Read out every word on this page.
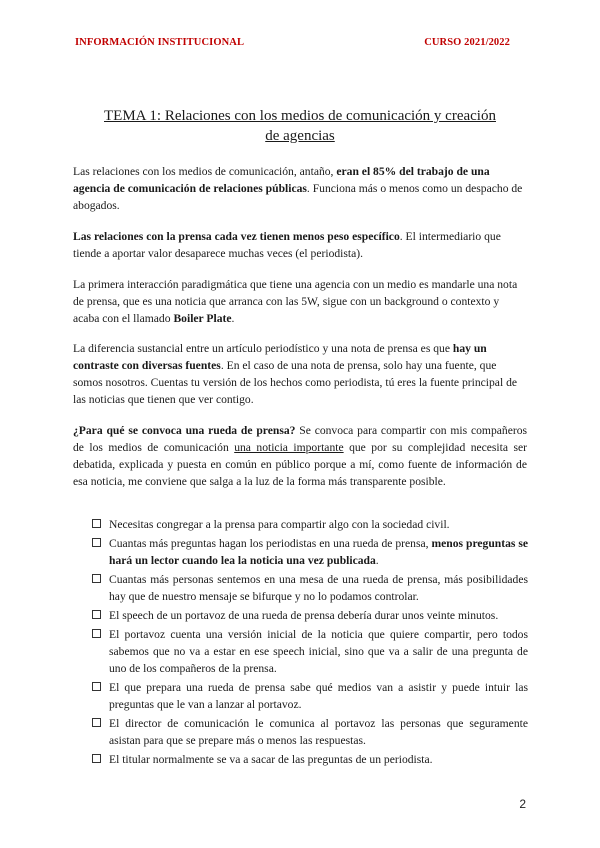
INFORMACIÓN INSTITUCIONAL	CURSO 2021/2022
TEMA 1: Relaciones con los medios de comunicación y creación de agencias

Las relaciones con los medios de comunicación, antaño, eran el 85% del trabajo de una agencia de comunicación de relaciones públicas. Funciona más o menos como un despacho de abogados.

Las relaciones con la prensa cada vez tienen menos peso específico. El intermediario que tiende a aportar valor desaparece muchas veces (el periodista).

La primera interacción paradigmática que tiene una agencia con un medio es mandarle una nota de prensa, que es una noticia que arranca con las 5W, sigue con un background o contexto y acaba con el llamado Boiler Plate.

La diferencia sustancial entre un artículo periodístico y una nota de prensa es que hay un contraste con diversas fuentes. En el caso de una nota de prensa, solo hay una fuente, que somos nosotros. Cuentas tu versión de los hechos como periodista, tú eres la fuente principal de las noticias que tienen que ver contigo.

¿Para qué se convoca una rueda de prensa? Se convoca para compartir con mis compañeros de los medios de comunicación una noticia importante que por su complejidad necesita ser debatida, explicada y puesta en común en público porque a mí, como fuente de información de esa noticia, me conviene que salga a la luz de la forma más transparente posible.

Necesitas congregar a la prensa para compartir algo con la sociedad civil.
Cuantas más preguntas hagan los periodistas en una rueda de prensa, menos preguntas se hará un lector cuando lea la noticia una vez publicada.
Cuantas más personas sentemos en una mesa de una rueda de prensa, más posibilidades hay que de nuestro mensaje se bifurque y no lo podamos controlar.
El speech de un portavoz de una rueda de prensa debería durar unos veinte minutos.
El portavoz cuenta una versión inicial de la noticia que quiere compartir, pero todos sabemos que no va a estar en ese speech inicial, sino que va a salir de una pregunta de uno de los compañeros de la prensa.
El que prepara una rueda de prensa sabe qué medios van a asistir y puede intuir las preguntas que le van a lanzar al portavoz.
El director de comunicación le comunica al portavoz las personas que seguramente asistan para que se prepare más o menos las respuestas.
El titular normalmente se va a sacar de las preguntas de un periodista.
2
